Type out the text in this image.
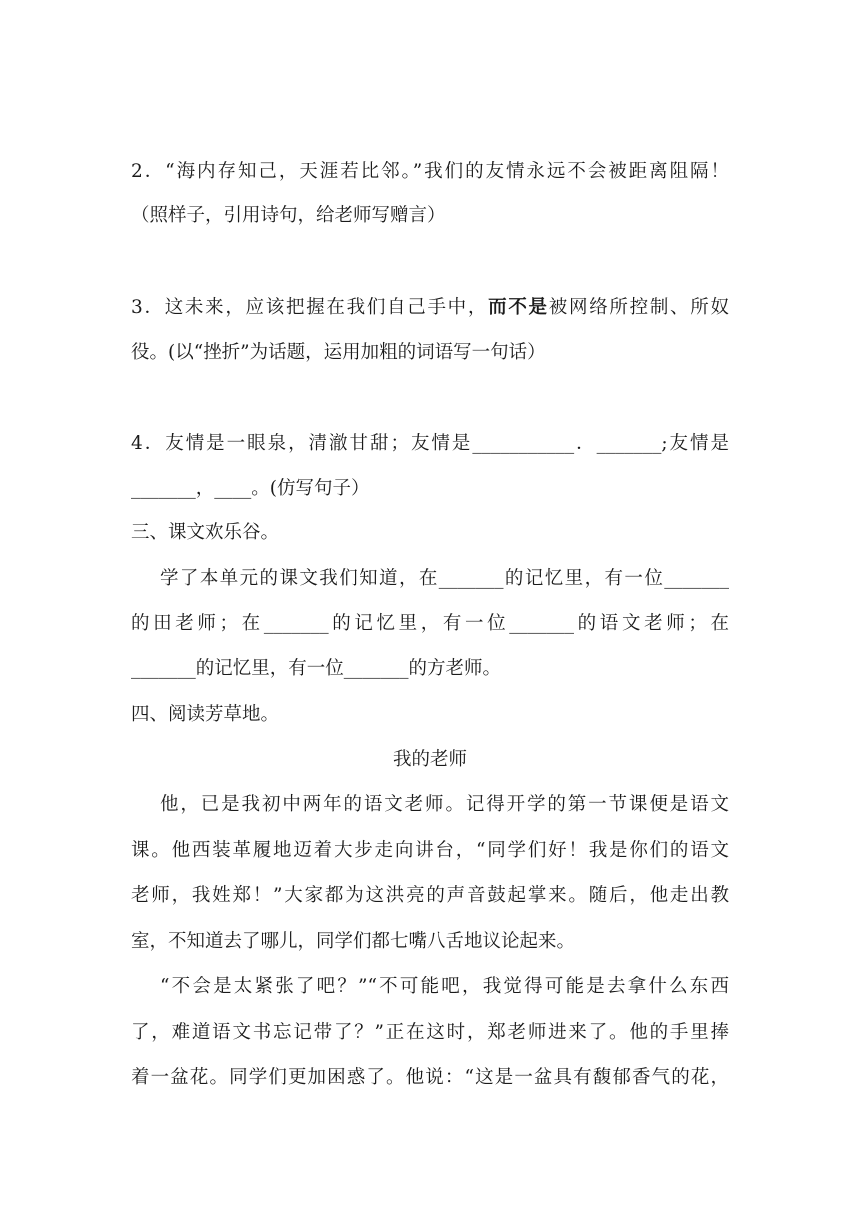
2．“海内存知己，天涯若比邻。”我们的友情永远不会被距离阻隔！
（照样子，引用诗句，给老师写赠言）
3．这未来，应该把握在我们自己手中，而不是被网络所控制、所奴
役。(以“挫折”为话题，运用加粗的词语写一句话）
4．友情是一眼泉，清澈甘甜；友情是___________．_______;友情是
_______，____。(仿写句子）
三、课文欢乐谷。
学了本单元的课文我们知道，在_______的记忆里，有一位_______
的田老师；在_______的记忆里，有一位_______的语文老师；在
_______的记忆里，有一位_______的方老师。
四、阅读芳草地。
我的老师
他，已是我初中两年的语文老师。记得开学的第一节课便是语文
课。他西装革履地迈着大步走向讲台，“同学们好！我是你们的语文
老师，我姓郑！”大家都为这洪亮的声音鼓起掌来。随后，他走出教
室，不知道去了哪儿，同学们都七嘴八舌地议论起来。
“不会是太紧张了吧？”“不可能吧，我觉得可能是去拿什么东西
了，难道语文书忘记带了？”正在这时，郑老师进来了。他的手里捧
着一盆花。同学们更加困惑了。他说：“这是一盆具有馥郁香气的花，
